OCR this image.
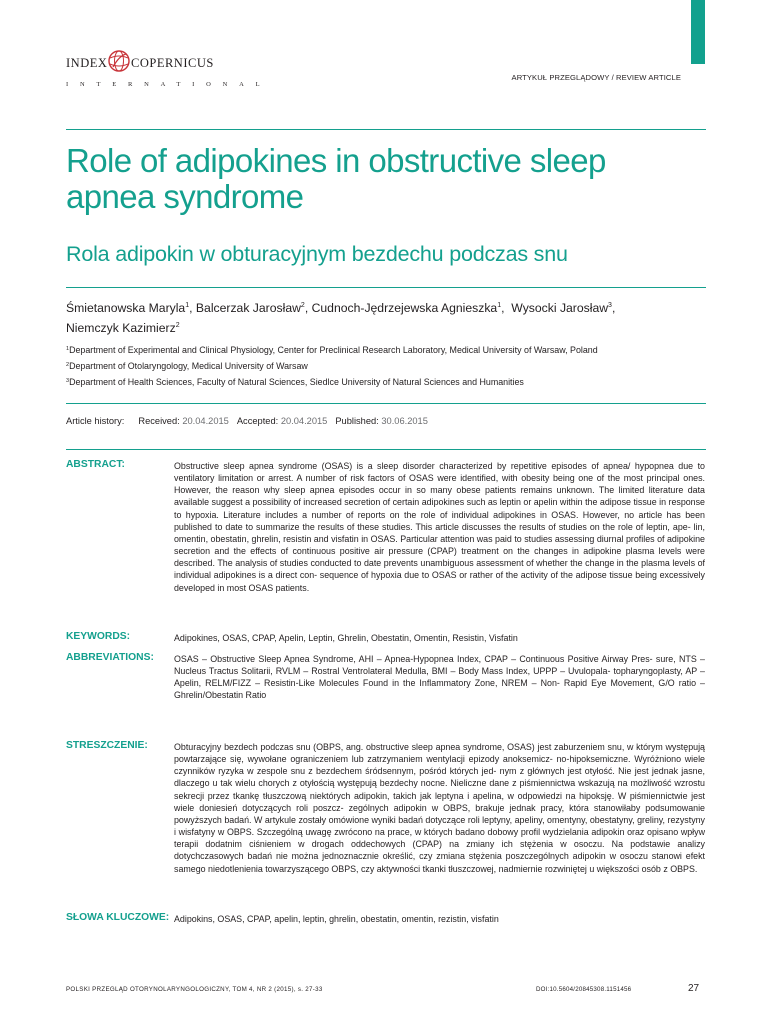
INDEX COPERNICUS
INTERNATIONAL
ARTYKUŁ PRZEGLĄDOWY / REVIEW ARTICLE
Role of adipokines in obstructive sleep apnea syndrome
Rola adipokin w obturacyjnym bezdechu podczas snu
Śmietanowska Maryla$^1$, Balcerzak Jarosław$^2$, Cudnoch-Jędrzejewska Agnieszka$^1$,  Wysocki Jarosław$^3$,
Niemczyk Kazimierz$^2$
$^1$Department of Experimental and Clinical Physiology, Center for Preclinical Research Laboratory, Medical University of Warsaw, Poland
$^2$Department of Otolaryngology, Medical University of Warsaw
$^3$Department of Health Sciences, Faculty of Natural Sciences, Siedlce University of Natural Sciences and Humanities
Article history: Received: 20.04.2015 Accepted: 20.04.2015 Published: 30.06.2015
ABSTRACT:	Obstructive sleep apnea syndrome (OSAS) is a sleep disorder characterized by repetitive episodes of apnea/ hypopnea due to ventilatory limitation or arrest. A number of risk factors of OSAS were identified, with obesity being one of the most principal ones. However, the reason why sleep apnea episodes occur in so many obese patients remains unknown. The limited literature data available suggest a possibility of increased secretion of certain adipokines such as leptin or apelin within the adipose tissue in response to hypoxia. Literature includes a number of reports on the role of individual adipokines in OSAS. However, no article has been published to date to summarize the results of these studies. This article discusses the results of studies on the role of leptin, ape- lin, omentin, obestatin, ghrelin, resistin and visfatin in OSAS. Particular attention was paid to studies assessing diurnal profiles of adipokine secretion and the effects of continuous positive air pressure (CPAP) treatment on the changes in adipokine plasma levels were described. The analysis of studies conducted to date prevents unambiguous assessment of whether the change in the plasma levels of individual adipokines is a direct con- sequence of hypoxia due to OSAS or rather of the activity of the adipose tissue being excessively developed in most OSAS patients.
KEYWORDS:	Adipokines, OSAS, CPAP, Apelin, Leptin, Ghrelin, Obestatin, Omentin, Resistin, Visfatin
ABBREVIATIONS: OSAS – Obstructive Sleep Apnea Syndrome, AHI – Apnea-Hypopnea Index, CPAP – Continuous Positive Airway Pres- sure, NTS – Nucleus Tractus Solitarii, RVLM – Rostral Ventrolateral Medulla, BMI – Body Mass Index, UPPP – Uvulopala- topharyngoplasty, AP – Apelin, RELM/FIZZ – Resistin-Like Molecules Found in the Inflammatory Zone, NREM – Non- Rapid Eye Movement, G/O ratio – Ghrelin/Obestatin Ratio
STRESZCZENIE:	Obturacyjny bezdech podczas snu (OBPS, ang. obstructive sleep apnea syndrome, OSAS) jest zaburzeniem snu, w którym występują powtarzające się, wywołane ograniczeniem lub zatrzymaniem wentylacji epizody anoksemicz- no-hipoksemiczne. Wyróżniono wiele czynników ryzyka w zespole snu z bezdechem śródsennym, pośród których jed- nym z głównych jest otyłość. Nie jest jednak jasne, dlaczego u tak wielu chorych z otyłością występują bezdechy nocne. Nieliczne dane z piśmiennictwa wskazują na możliwość wzrostu sekrecji przez tkankę tłuszczową niektórych adipokin, takich jak leptyna i apelina, w odpowiedzi na hipoksję. W piśmiennictwie jest wiele doniesień dotyczących roli poszcz- zególnych adipokin w OBPS, brakuje jednak pracy, która stanowiłaby podsumowanie powyższych badań. W artykule zostały omówione wyniki badań dotyczące roli leptyny, apeliny, omentyny, obestatyny, greliny, rezystyny i wisfatyny w OBPS. Szczególną uwagę zwrócono na prace, w których badano dobowy profil wydzielania adipokin oraz opisano wpływ terapii dodatnim ciśnieniem w drogach oddechowych (CPAP) na zmiany ich stężenia w osoczu. Na podstawie analizy dotychczasowych badań nie można jednoznacznie określić, czy zmiana stężenia poszczególnych adipokin w osoczu stanowi efekt samego niedotlenienia towarzyszącego OBPS, czy aktywności tkanki tłuszczowej, nadmiernie rozwiniętej u większości osób z OBPS.
SŁOWA KLUCZOWE: Adipokins, OSAS, CPAP, apelin, leptin, ghrelin, obestatin, omentin, rezistin, visfatin
POLSKI PRZEGLĄD OTORYNOLARYNGOLOGICZNY, TOM 4, NR 2 (2015), s. 27-33	DOI:10.5604/20845308.1151456	27
